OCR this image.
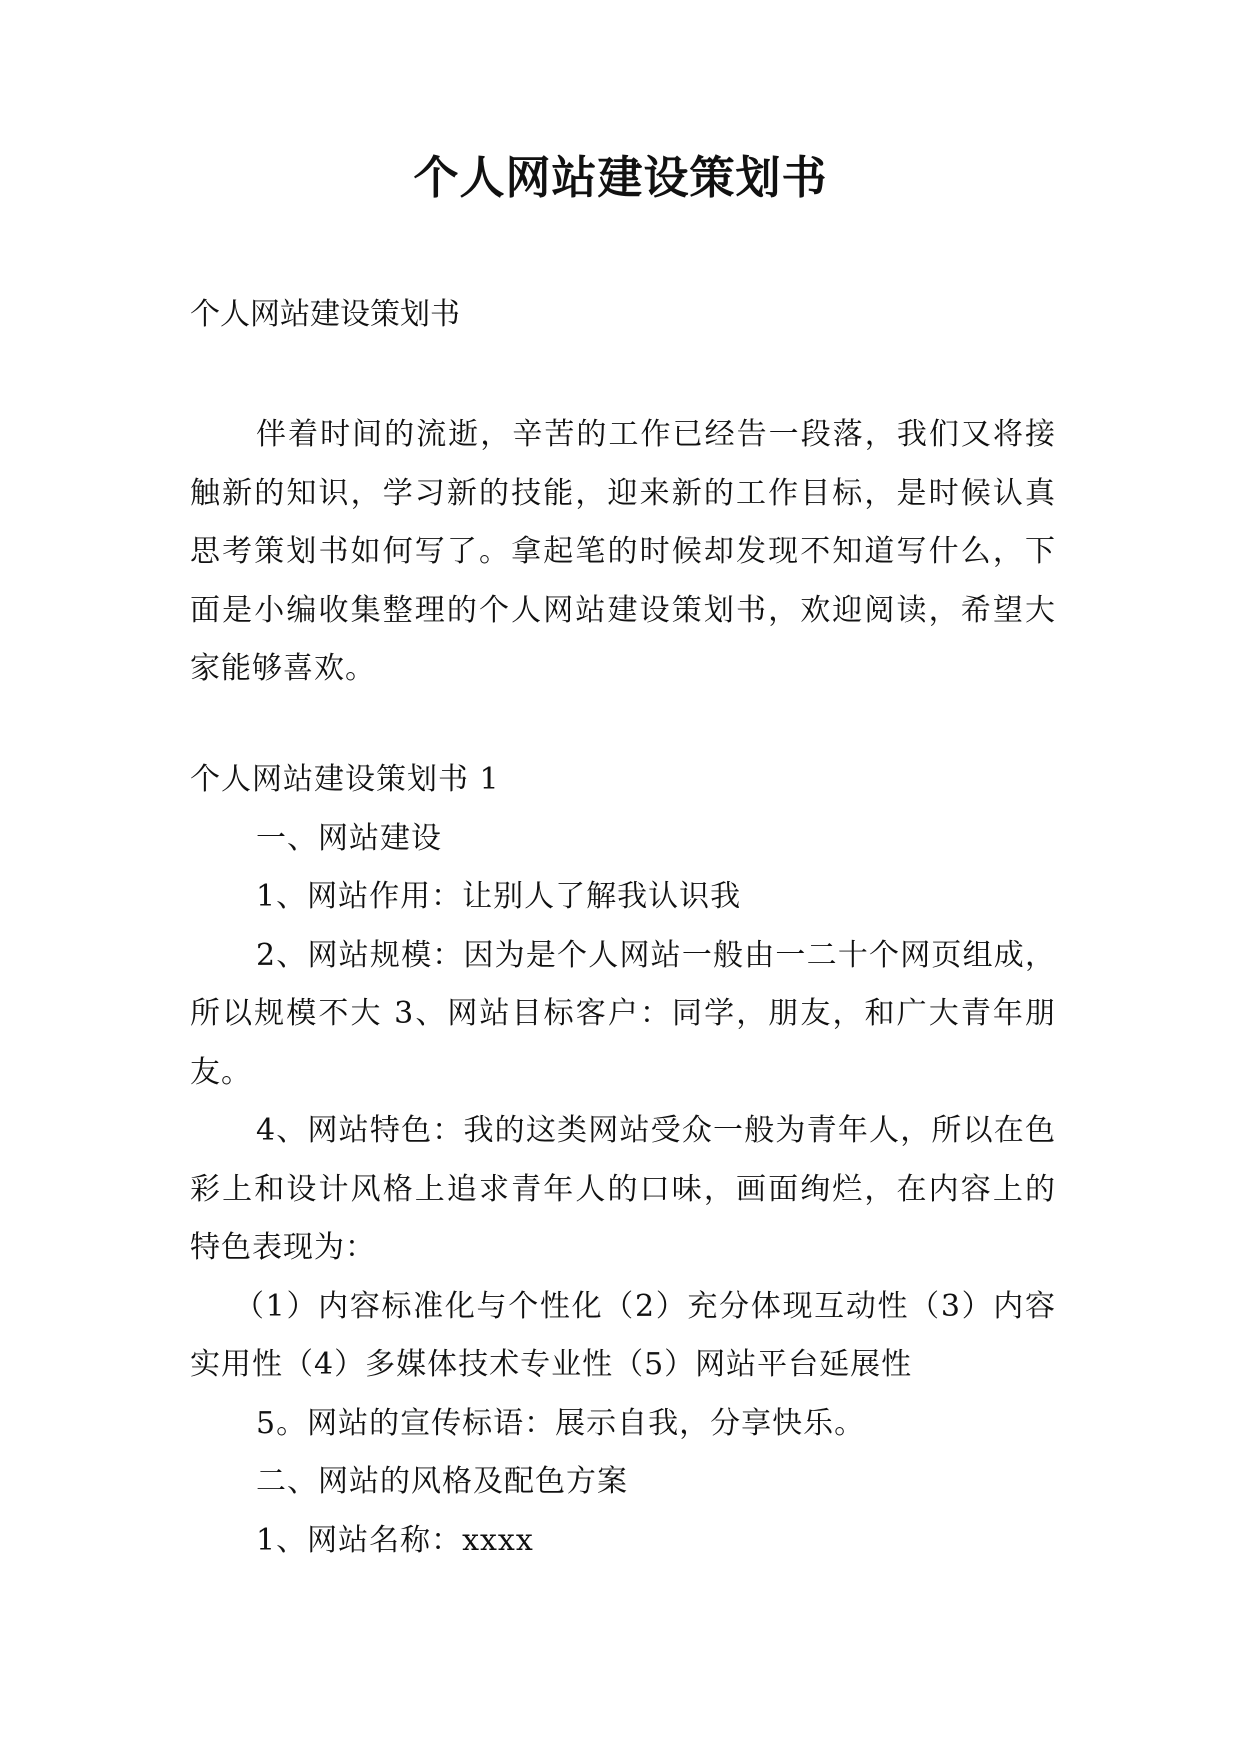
个人网站建设策划书
个人网站建设策划书

伴着时间的流逝，辛苦的工作已经告一段落，我们又将接触新的知识，学习新的技能，迎来新的工作目标，是时候认真思考策划书如何写了。拿起笔的时候却发现不知道写什么，下面是小编收集整理的个人网站建设策划书，欢迎阅读，希望大家能够喜欢。

个人网站建设策划书 1

一、网站建设

1、网站作用：让别人了解我认识我

2、网站规模：因为是个人网站一般由一二十个网页组成，所以规模不大 3、网站目标客户：同学，朋友，和广大青年朋友。

4、网站特色：我的这类网站受众一般为青年人，所以在色彩上和设计风格上追求青年人的口味，画面绚烂，在内容上的特色表现为：

（1）内容标准化与个性化（2）充分体现互动性（3）内容实用性（4）多媒体技术专业性（5）网站平台延展性

5。网站的宣传标语：展示自我，分享快乐。

二、网站的风格及配色方案

1、网站名称：xxxx
